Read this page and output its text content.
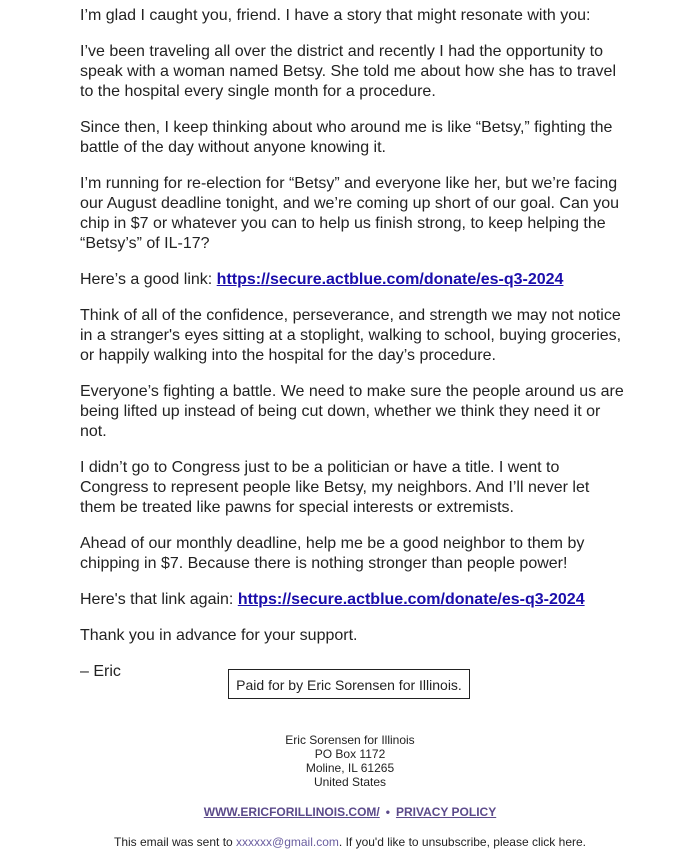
I’m glad I caught you, friend. I have a story that might resonate with you:

I’ve been traveling all over the district and recently I had the opportunity to speak with a woman named Betsy. She told me about how she has to travel to the hospital every single month for a procedure.

Since then, I keep thinking about who around me is like “Betsy,” fighting the battle of the day without anyone knowing it.

I’m running for re-election for “Betsy” and everyone like her, but we’re facing our August deadline tonight, and we’re coming up short of our goal. Can you chip in $7 or whatever you can to help us finish strong, to keep helping the “Betsy’s” of IL-17?

Here’s a good link: https://secure.actblue.com/donate/es-q3-2024

Think of all of the confidence, perseverance, and strength we may not notice in a stranger's eyes sitting at a stoplight, walking to school, buying groceries, or happily walking into the hospital for the day’s procedure.

Everyone’s fighting a battle. We need to make sure the people around us are being lifted up instead of being cut down, whether we think they need it or not.

I didn’t go to Congress just to be a politician or have a title. I went to Congress to represent people like Betsy, my neighbors. And I’ll never let them be treated like pawns for special interests or extremists.

Ahead of our monthly deadline, help me be a good neighbor to them by chipping in $7. Because there is nothing stronger than people power!

Here's that link again: https://secure.actblue.com/donate/es-q3-2024

Thank you in advance for your support.

– Eric

Paid for by Eric Sorensen for Illinois.
Eric Sorensen for Illinois
PO Box 1172
Moline, IL 61265
United States
WWW.ERICFORILLINOIS.COM/ • PRIVACY POLICY
This email was sent to xxxxxx@gmail.com. If you'd like to unsubscribe, please click here.
